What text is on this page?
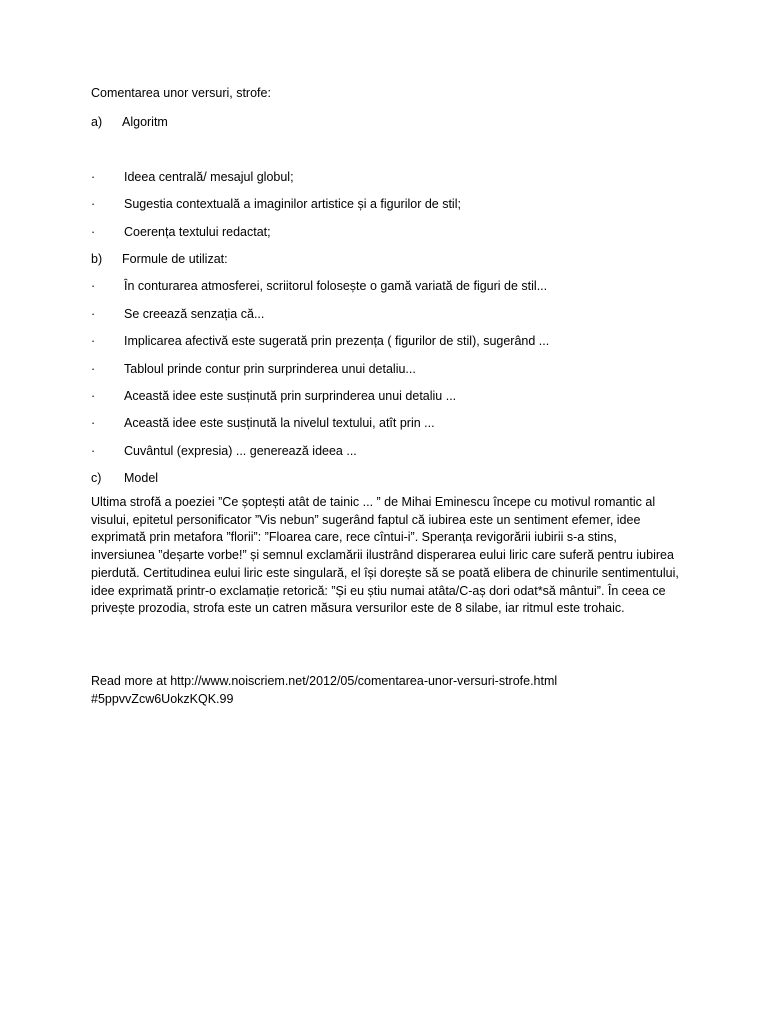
Comentarea unor versuri, strofe:
a) Algoritm
· Ideea centrală/ mesajul globul;
· Sugestia contextuală a imaginilor artistice și a figurilor de stil;
· Coerența textului redactat;
b) Formule de utilizat:
· În conturarea atmosferei, scriitorul folosește o gamă variată de figuri de stil...
· Se creează senzația că...
· Implicarea afectivă este sugerată prin prezența ( figurilor de stil), sugerând ...
· Tabloul prinde contur prin surprinderea unui detaliu...
· Această idee este susținută prin surprinderea unui detaliu ...
· Această idee este susținută la nivelul textului, atît prin ...
· Cuvântul (expresia) ... generează ideea ...
c) Model
Ultima strofă a poeziei ”Ce șoptești atât de tainic ... ” de Mihai Eminescu începe cu motivul romantic al visului, epitetul personificator ”Vis nebun” sugerând faptul că iubirea este un sentiment efemer, idee exprimată prin metafora ”florii”: ”Floarea care, rece cîntui-i”. Speranța revigorării iubirii s-a stins, inversiunea ”deșarte vorbe!” și semnul exclamării ilustrând disperarea eului liric care suferă pentru iubirea pierdută. Certitudinea eului liric este singulară, el își dorește să se poată elibera de chinurile sentimentului, idee exprimată printr-o exclamație retorică: ”Și eu știu numai atâta/C-aș dori odat*să mântui”. În ceea ce privește prozodia, strofa este un catren măsura versurilor este de 8 silabe, iar ritmul este trohaic.
Read more at http://www.noiscriem.net/2012/05/comentarea-unor-versuri-strofe.html#5ppvvZcw6UokzKQK.99
